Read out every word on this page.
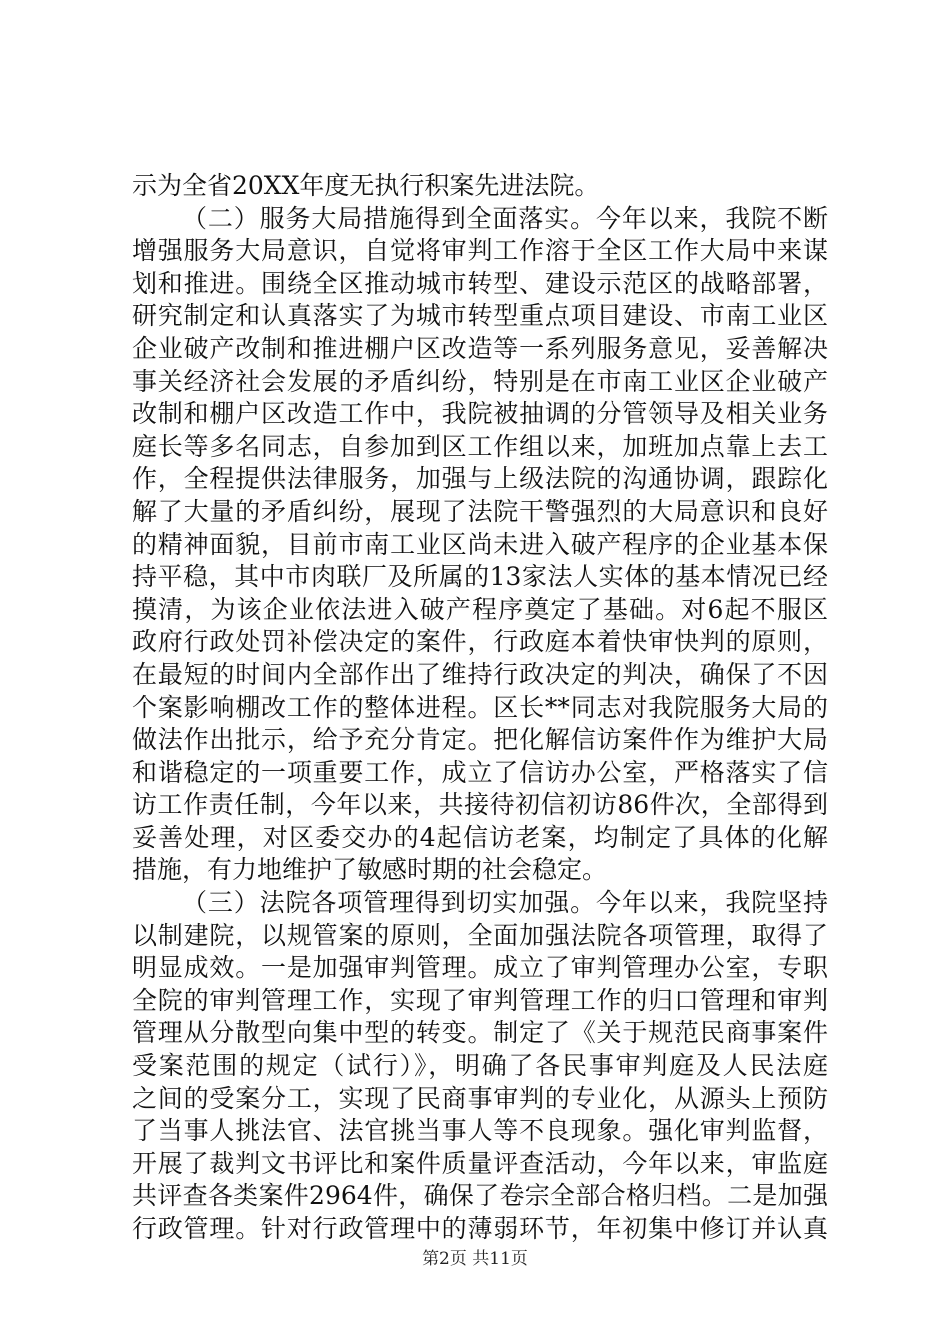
示为全省20XX年度无执行积案先进法院。
（二）服务大局措施得到全面落实。今年以来，我院不断
增强服务大局意识，自觉将审判工作溶于全区工作大局中来谋
划和推进。围绕全区推动城市转型、建设示范区的战略部署，
研究制定和认真落实了为城市转型重点项目建设、市南工业区
企业破产改制和推进棚户区改造等一系列服务意见，妥善解决
事关经济社会发展的矛盾纠纷，特别是在市南工业区企业破产
改制和棚户区改造工作中，我院被抽调的分管领导及相关业务
庭长等多名同志，自参加到区工作组以来，加班加点靠上去工
作，全程提供法律服务，加强与上级法院的沟通协调，跟踪化
解了大量的矛盾纠纷，展现了法院干警强烈的大局意识和良好
的精神面貌，目前市南工业区尚未进入破产程序的企业基本保
持平稳，其中市肉联厂及所属的13家法人实体的基本情况已经
摸清，为该企业依法进入破产程序奠定了基础。对6起不服区
政府行政处罚补偿决定的案件，行政庭本着快审快判的原则，
在最短的时间内全部作出了维持行政决定的判决，确保了不因
个案影响棚改工作的整体进程。区长**同志对我院服务大局的
做法作出批示，给予充分肯定。把化解信访案件作为维护大局
和谐稳定的一项重要工作，成立了信访办公室，严格落实了信
访工作责任制，今年以来，共接待初信初访86件次，全部得到
妥善处理，对区委交办的4起信访老案，均制定了具体的化解
措施，有力地维护了敏感时期的社会稳定。
（三）法院各项管理得到切实加强。今年以来，我院坚持
以制建院，以规管案的原则，全面加强法院各项管理，取得了
明显成效。一是加强审判管理。成立了审判管理办公室，专职
全院的审判管理工作，实现了审判管理工作的归口管理和审判
管理从分散型向集中型的转变。制定了《关于规范民商事案件
受案范围的规定（试行）》，明确了各民事审判庭及人民法庭
之间的受案分工，实现了民商事审判的专业化，从源头上预防
了当事人挑法官、法官挑当事人等不良现象。强化审判监督，
开展了裁判文书评比和案件质量评查活动，今年以来，审监庭
共评查各类案件2964件，确保了卷宗全部合格归档。二是加强
行政管理。针对行政管理中的薄弱环节，年初集中修订并认真
第2页 共11页
